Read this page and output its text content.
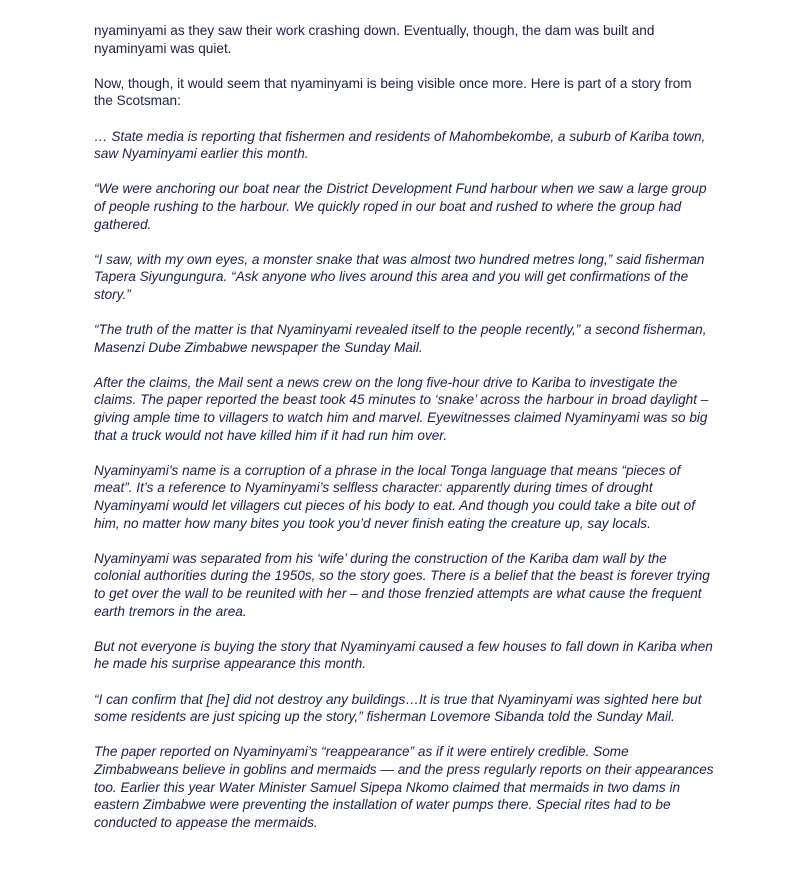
nyaminyami as they saw their work crashing down. Eventually, though, the dam was built and nyaminyami was quiet.

Now, though, it would seem that nyaminyami is being visible once more. Here is part of a story from the Scotsman:

… State media is reporting that fishermen and residents of Mahombekombe, a suburb of Kariba town, saw Nyaminyami earlier this month.

“We were anchoring our boat near the District Development Fund harbour when we saw a large group of people rushing to the harbour. We quickly roped in our boat and rushed to where the group had gathered.

“I saw, with my own eyes, a monster snake that was almost two hundred metres long,” said fisherman Tapera Siyungungura. “Ask anyone who lives around this area and you will get confirmations of the story.”

“The truth of the matter is that Nyaminyami revealed itself to the people recently,” a second fisherman, Masenzi Dube Zimbabwe newspaper the Sunday Mail.

After the claims, the Mail sent a news crew on the long five-hour drive to Kariba to investigate the claims. The paper reported the beast took 45 minutes to ‘snake’ across the harbour in broad daylight – giving ample time to villagers to watch him and marvel. Eyewitnesses claimed Nyaminyami was so big that a truck would not have killed him if it had run him over.

Nyaminyami’s name is a corruption of a phrase in the local Tonga language that means “pieces of meat”. It’s a reference to Nyaminyami’s selfless character: apparently during times of drought Nyaminyami would let villagers cut pieces of his body to eat. And though you could take a bite out of him, no matter how many bites you took you’d never finish eating the creature up, say locals.

Nyaminyami was separated from his ‘wife’ during the construction of the Kariba dam wall by the colonial authorities during the 1950s, so the story goes. There is a belief that the beast is forever trying to get over the wall to be reunited with her – and those frenzied attempts are what cause the frequent earth tremors in the area.

But not everyone is buying the story that Nyaminyami caused a few houses to fall down in Kariba when he made his surprise appearance this month.

“I can confirm that [he] did not destroy any buildings…It is true that Nyaminyami was sighted here but some residents are just spicing up the story,” fisherman Lovemore Sibanda told the Sunday Mail.

The paper reported on Nyaminyami’s “reappearance” as if it were entirely credible. Some Zimbabweans believe in goblins and mermaids — and the press regularly reports on their appearances too. Earlier this year Water Minister Samuel Sipepa Nkomo claimed that mermaids in two dams in eastern Zimbabwe were preventing the installation of water pumps there. Special rites had to be conducted to appease the mermaids.
